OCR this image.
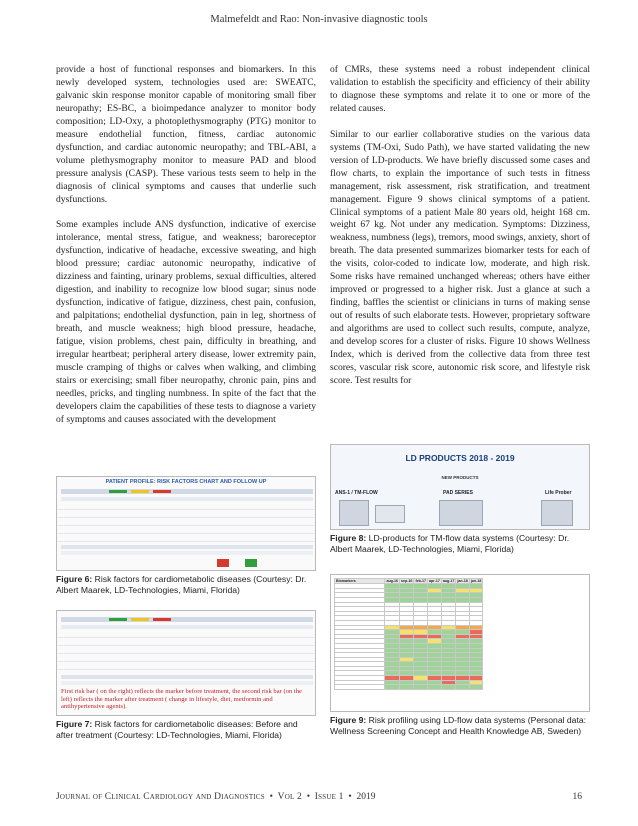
Malmefeldt and Rao: Non-invasive diagnostic tools

provide a host of functional responses and biomarkers. In this newly developed system, technologies used are: SWEATC, galvanic skin response monitor capable of monitoring small fiber neuropathy; ES-BC, a bioimpedance analyzer to monitor body composition; LD-Oxy, a photoplethysmography (PTG) monitor to measure endothelial function, fitness, cardiac autonomic dysfunction, and cardiac autonomic neuropathy; and TBL-ABI, a volume plethysmography monitor to measure PAD and blood pressure analysis (CASP). These various tests seem to help in the diagnosis of clinical symptoms and causes that underlie such dysfunctions.

Some examples include ANS dysfunction, indicative of exercise intolerance, mental stress, fatigue, and weakness; baroreceptor dysfunction, indicative of headache, excessive sweating, and high blood pressure; cardiac autonomic neuropathy, indicative of dizziness and fainting, urinary problems, sexual difficulties, altered digestion, and inability to recognize low blood sugar; sinus node dysfunction, indicative of fatigue, dizziness, chest pain, confusion, and palpitations; endothelial dysfunction, pain in leg, shortness of breath, and muscle weakness; high blood pressure, headache, fatigue, vision problems, chest pain, difficulty in breathing, and irregular heartbeat; peripheral artery disease, lower extremity pain, muscle cramping of thighs or calves when walking, and climbing stairs or exercising; small fiber neuropathy, chronic pain, pins and needles, pricks, and tingling numbness. In spite of the fact that the developers claim the capabilities of these tests to diagnose a variety of symptoms and causes associated with the development

of CMRs, these systems need a robust independent clinical validation to establish the specificity and efficiency of their ability to diagnose these symptoms and relate it to one or more of the related causes.

Similar to our earlier collaborative studies on the various data systems (TM-Oxi, Sudo Path), we have started validating the new version of LD-products. We have briefly discussed some cases and flow charts, to explain the importance of such tests in fitness management, risk assessment, risk stratification, and treatment management. Figure 9 shows clinical symptoms of a patient. Clinical symptoms of a patient Male 80 years old, height 168 cm. weight 67 kg. Not under any medication. Symptoms: Dizziness, weakness, numbness (legs), tremors, mood swings, anxiety, short of breath. The data presented summarizes biomarker tests for each of the visits, color-coded to indicate low, moderate, and high risk. Some risks have remained unchanged whereas; others have either improved or progressed to a higher risk. Just a glance at such a finding, baffles the scientist or clinicians in turns of making sense out of results of such elaborate tests. However, proprietary software and algorithms are used to collect such results, compute, analyze, and develop scores for a cluster of risks. Figure 10 shows Wellness Index, which is derived from the collective data from three test scores, vascular risk score, autonomic risk score, and lifestyle risk score. Test results for

PATIENT PROFILE: RISK FACTORS CHART AND FOLLOW UP
Figure 6: Risk factors for cardiometabolic diseases (Courtesy: Dr. Albert Maarek, LD-Technologies, Miami, Florida)
First risk bar ( on the right) reflects the marker before treatment, the second risk bar (on the left) reflects the marker after treatment ( change in lifestyle, diet, metformin and antihypertensive agents).
Figure 7: Risk factors for cardiometabolic diseases: Before and after treatment (Courtesy: LD-Technologies, Miami, Florida)
LD PRODUCTS 2018 - 2019
NEW PRODUCTS
ANS-1 / TM-FLOW	PAD SERIES	Life Prober
Figure 8: LD-products for TM-flow data systems (Courtesy: Dr. Albert Maarek, LD-Technologies, Miami, Florida)
Biomarkers	aug-16	sep-16	feb-17	apr-17	aug-17	jan-18	jun-18

Figure 9: Risk profiling using LD-flow data systems (Personal data: Wellness Screening Concept and Health Knowledge AB, Sweden)
Journal of Clinical Cardiology and Diagnostics • Vol 2 • Issue 1 • 2019	16
